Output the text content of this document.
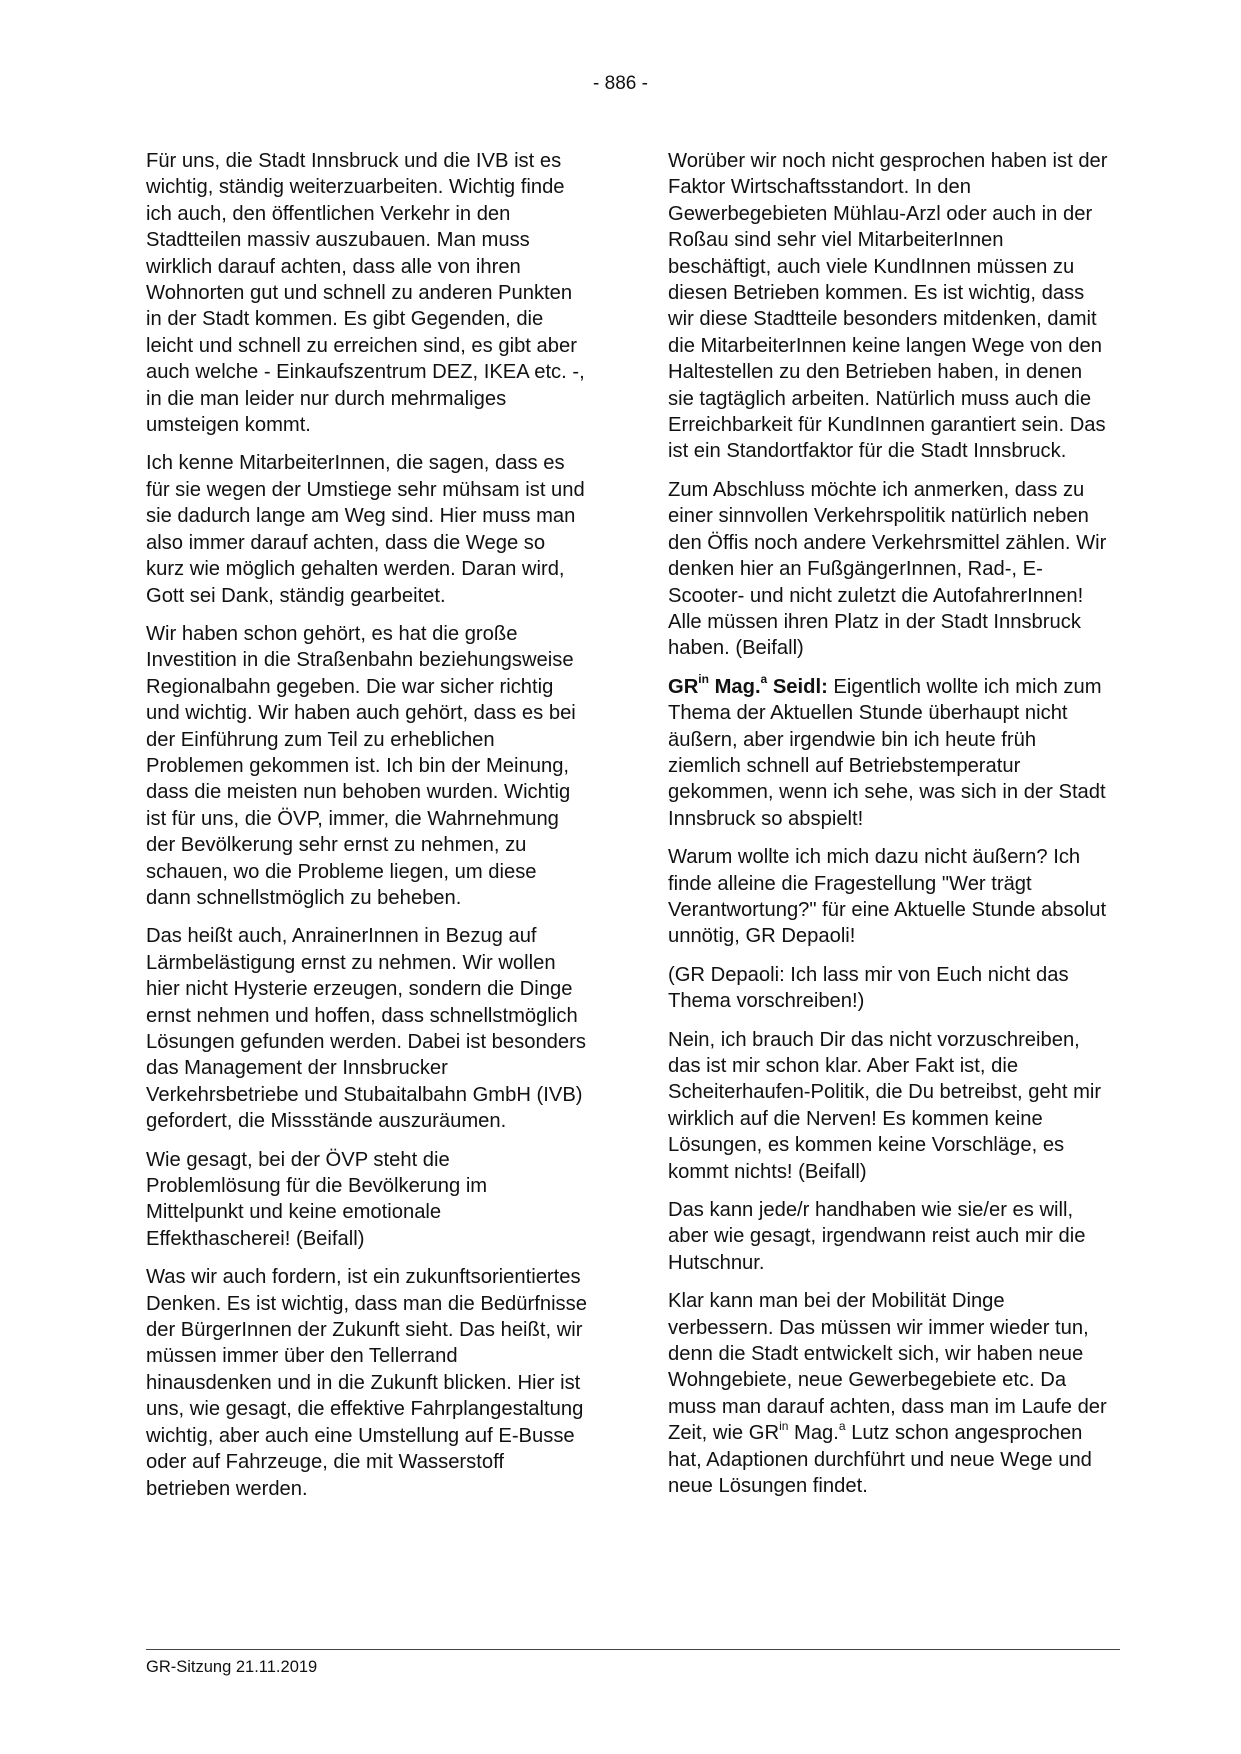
- 886 -

Für uns, die Stadt Innsbruck und die IVB ist es wichtig, ständig weiterzuarbeiten. Wichtig finde ich auch, den öffentlichen Verkehr in den Stadtteilen massiv auszubauen. Man muss wirklich darauf achten, dass alle von ihren Wohnorten gut und schnell zu anderen Punkten in der Stadt kommen. Es gibt Gegenden, die leicht und schnell zu erreichen sind, es gibt aber auch welche - Einkaufszentrum DEZ, IKEA etc. -, in die man leider nur durch mehrmaliges umsteigen kommt.

Ich kenne MitarbeiterInnen, die sagen, dass es für sie wegen der Umstiege sehr mühsam ist und sie dadurch lange am Weg sind. Hier muss man also immer darauf achten, dass die Wege so kurz wie möglich gehalten werden. Daran wird, Gott sei Dank, ständig gearbeitet.

Wir haben schon gehört, es hat die große Investition in die Straßenbahn beziehungsweise Regionalbahn gegeben. Die war sicher richtig und wichtig. Wir haben auch gehört, dass es bei der Einführung zum Teil zu erheblichen Problemen gekommen ist. Ich bin der Meinung, dass die meisten nun behoben wurden. Wichtig ist für uns, die ÖVP, immer, die Wahrnehmung der Bevölkerung sehr ernst zu nehmen, zu schauen, wo die Probleme liegen, um diese dann schnellstmöglich zu beheben.

Das heißt auch, AnrainerInnen in Bezug auf Lärmbelästigung ernst zu nehmen. Wir wollen hier nicht Hysterie erzeugen, sondern die Dinge ernst nehmen und hoffen, dass schnellstmöglich Lösungen gefunden werden. Dabei ist besonders das Management der Innsbrucker Verkehrsbetriebe und Stubaitalbahn GmbH (IVB) gefordert, die Missstände auszuräumen.

Wie gesagt, bei der ÖVP steht die Problemlösung für die Bevölkerung im Mittelpunkt und keine emotionale Effekthascherei! (Beifall)

Was wir auch fordern, ist ein zukunftsorientiertes Denken. Es ist wichtig, dass man die Bedürfnisse der BürgerInnen der Zukunft sieht. Das heißt, wir müssen immer über den Tellerrand hinausdenken und in die Zukunft blicken. Hier ist uns, wie gesagt, die effektive Fahrplangestaltung wichtig, aber auch eine Umstellung auf E-Busse oder auf Fahrzeuge, die mit Wasserstoff betrieben werden.

Worüber wir noch nicht gesprochen haben ist der Faktor Wirtschaftsstandort. In den Gewerbegebieten Mühlau-Arzl oder auch in der Roßau sind sehr viel MitarbeiterInnen beschäftigt, auch viele KundInnen müssen zu diesen Betrieben kommen. Es ist wichtig, dass wir diese Stadtteile besonders mitdenken, damit die MitarbeiterInnen keine langen Wege von den Haltestellen zu den Betrieben haben, in denen sie tagtäglich arbeiten. Natürlich muss auch die Erreichbarkeit für KundInnen garantiert sein. Das ist ein Standortfaktor für die Stadt Innsbruck.

Zum Abschluss möchte ich anmerken, dass zu einer sinnvollen Verkehrspolitik natürlich neben den Öffis noch andere Verkehrsmittel zählen. Wir denken hier an FußgängerInnen, Rad-, E-Scooter- und nicht zuletzt die AutofahrerInnen! Alle müssen ihren Platz in der Stadt Innsbruck haben. (Beifall)

$GR^{in}$ Mag.$^a$ Seidl: Eigentlich wollte ich mich zum Thema der Aktuellen Stunde überhaupt nicht äußern, aber irgendwie bin ich heute früh ziemlich schnell auf Betriebstemperatur gekommen, wenn ich sehe, was sich in der Stadt Innsbruck so abspielt!

Warum wollte ich mich dazu nicht äußern? Ich finde alleine die Fragestellung "Wer trägt Verantwortung?" für eine Aktuelle Stunde absolut unnötig, GR Depaoli!

(GR Depaoli: Ich lass mir von Euch nicht das Thema vorschreiben!)

Nein, ich brauch Dir das nicht vorzuschreiben, das ist mir schon klar. Aber Fakt ist, die Scheiterhaufen-Politik, die Du betreibst, geht mir wirklich auf die Nerven! Es kommen keine Lösungen, es kommen keine Vorschläge, es kommt nichts! (Beifall)

Das kann jede/r handhaben wie sie/er es will, aber wie gesagt, irgendwann reist auch mir die Hutschnur.

Klar kann man bei der Mobilität Dinge verbessern. Das müssen wir immer wieder tun, denn die Stadt entwickelt sich, wir haben neue Wohngebiete, neue Gewerbegebiete etc. Da muss man darauf achten, dass man im Laufe der Zeit, wie $GR^{in}$ Mag.$^a$ Lutz schon angesprochen hat, Adaptionen durchführt und neue Wege und neue Lösungen findet.

GR-Sitzung 21.11.2019
